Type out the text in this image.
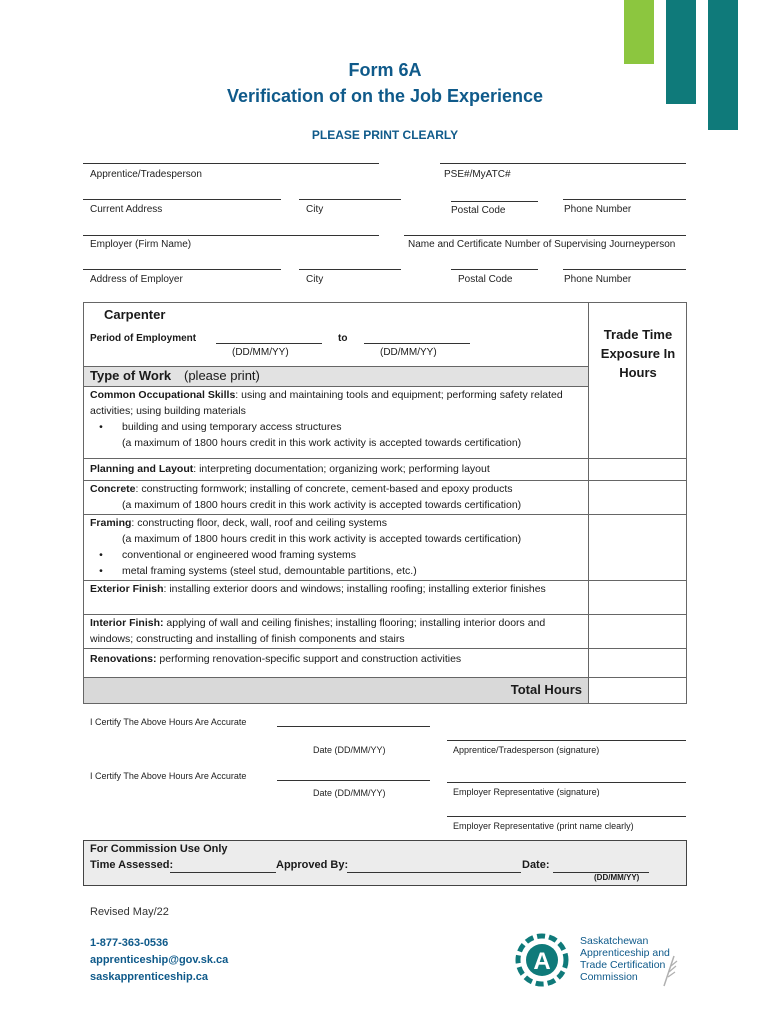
Form 6A
Verification of on the Job Experience
PLEASE PRINT CLEARLY
Apprentice/Tradesperson	PSE#/MyATC#
Current Address	City	Postal Code	Phone Number
Employer (Firm Name)	Name and Certificate Number of Supervising Journeyperson
Address of Employer	City	Postal Code	Phone Number
Carpenter
Period of Employment	to
(DD/MM/YY)	(DD/MM/YY)
Type of Work (please print)
Trade Time Exposure In Hours
Common Occupational Skills: using and maintaining tools and equipment; performing safety related activities; using building materials
• building and using temporary access structures
(a maximum of 1800 hours credit in this work activity is accepted towards certification)
Planning and Layout: interpreting documentation; organizing work; performing layout
Concrete: constructing formwork; installing of concrete, cement-based and epoxy products
(a maximum of 1800 hours credit in this work activity is accepted towards certification)
Framing: constructing floor, deck, wall, roof and ceiling systems
(a maximum of 1800 hours credit in this work activity is accepted towards certification)
• conventional or engineered wood framing systems
• metal framing systems (steel stud, demountable partitions, etc.)
Exterior Finish: installing exterior doors and windows; installing roofing; installing exterior finishes
Interior Finish: applying of wall and ceiling finishes; installing flooring; installing interior doors and windows; constructing and installing of finish components and stairs
Renovations: performing renovation-specific support and construction activities
Total Hours
I Certify The Above Hours Are Accurate
Date (DD/MM/YY)	Apprentice/Tradesperson (signature)
I Certify The Above Hours Are Accurate
Date (DD/MM/YY)	Employer Representative (signature)
Employer Representative (print name clearly)
For Commission Use Only
Time Assessed:	Approved By:	Date:
(DD/MM/YY)
Revised May/22
1-877-363-0536
apprenticeship@gov.sk.ca
saskapprenticeship.ca
A
Saskatchewan
Apprenticeship and
Trade Certification
Commission
